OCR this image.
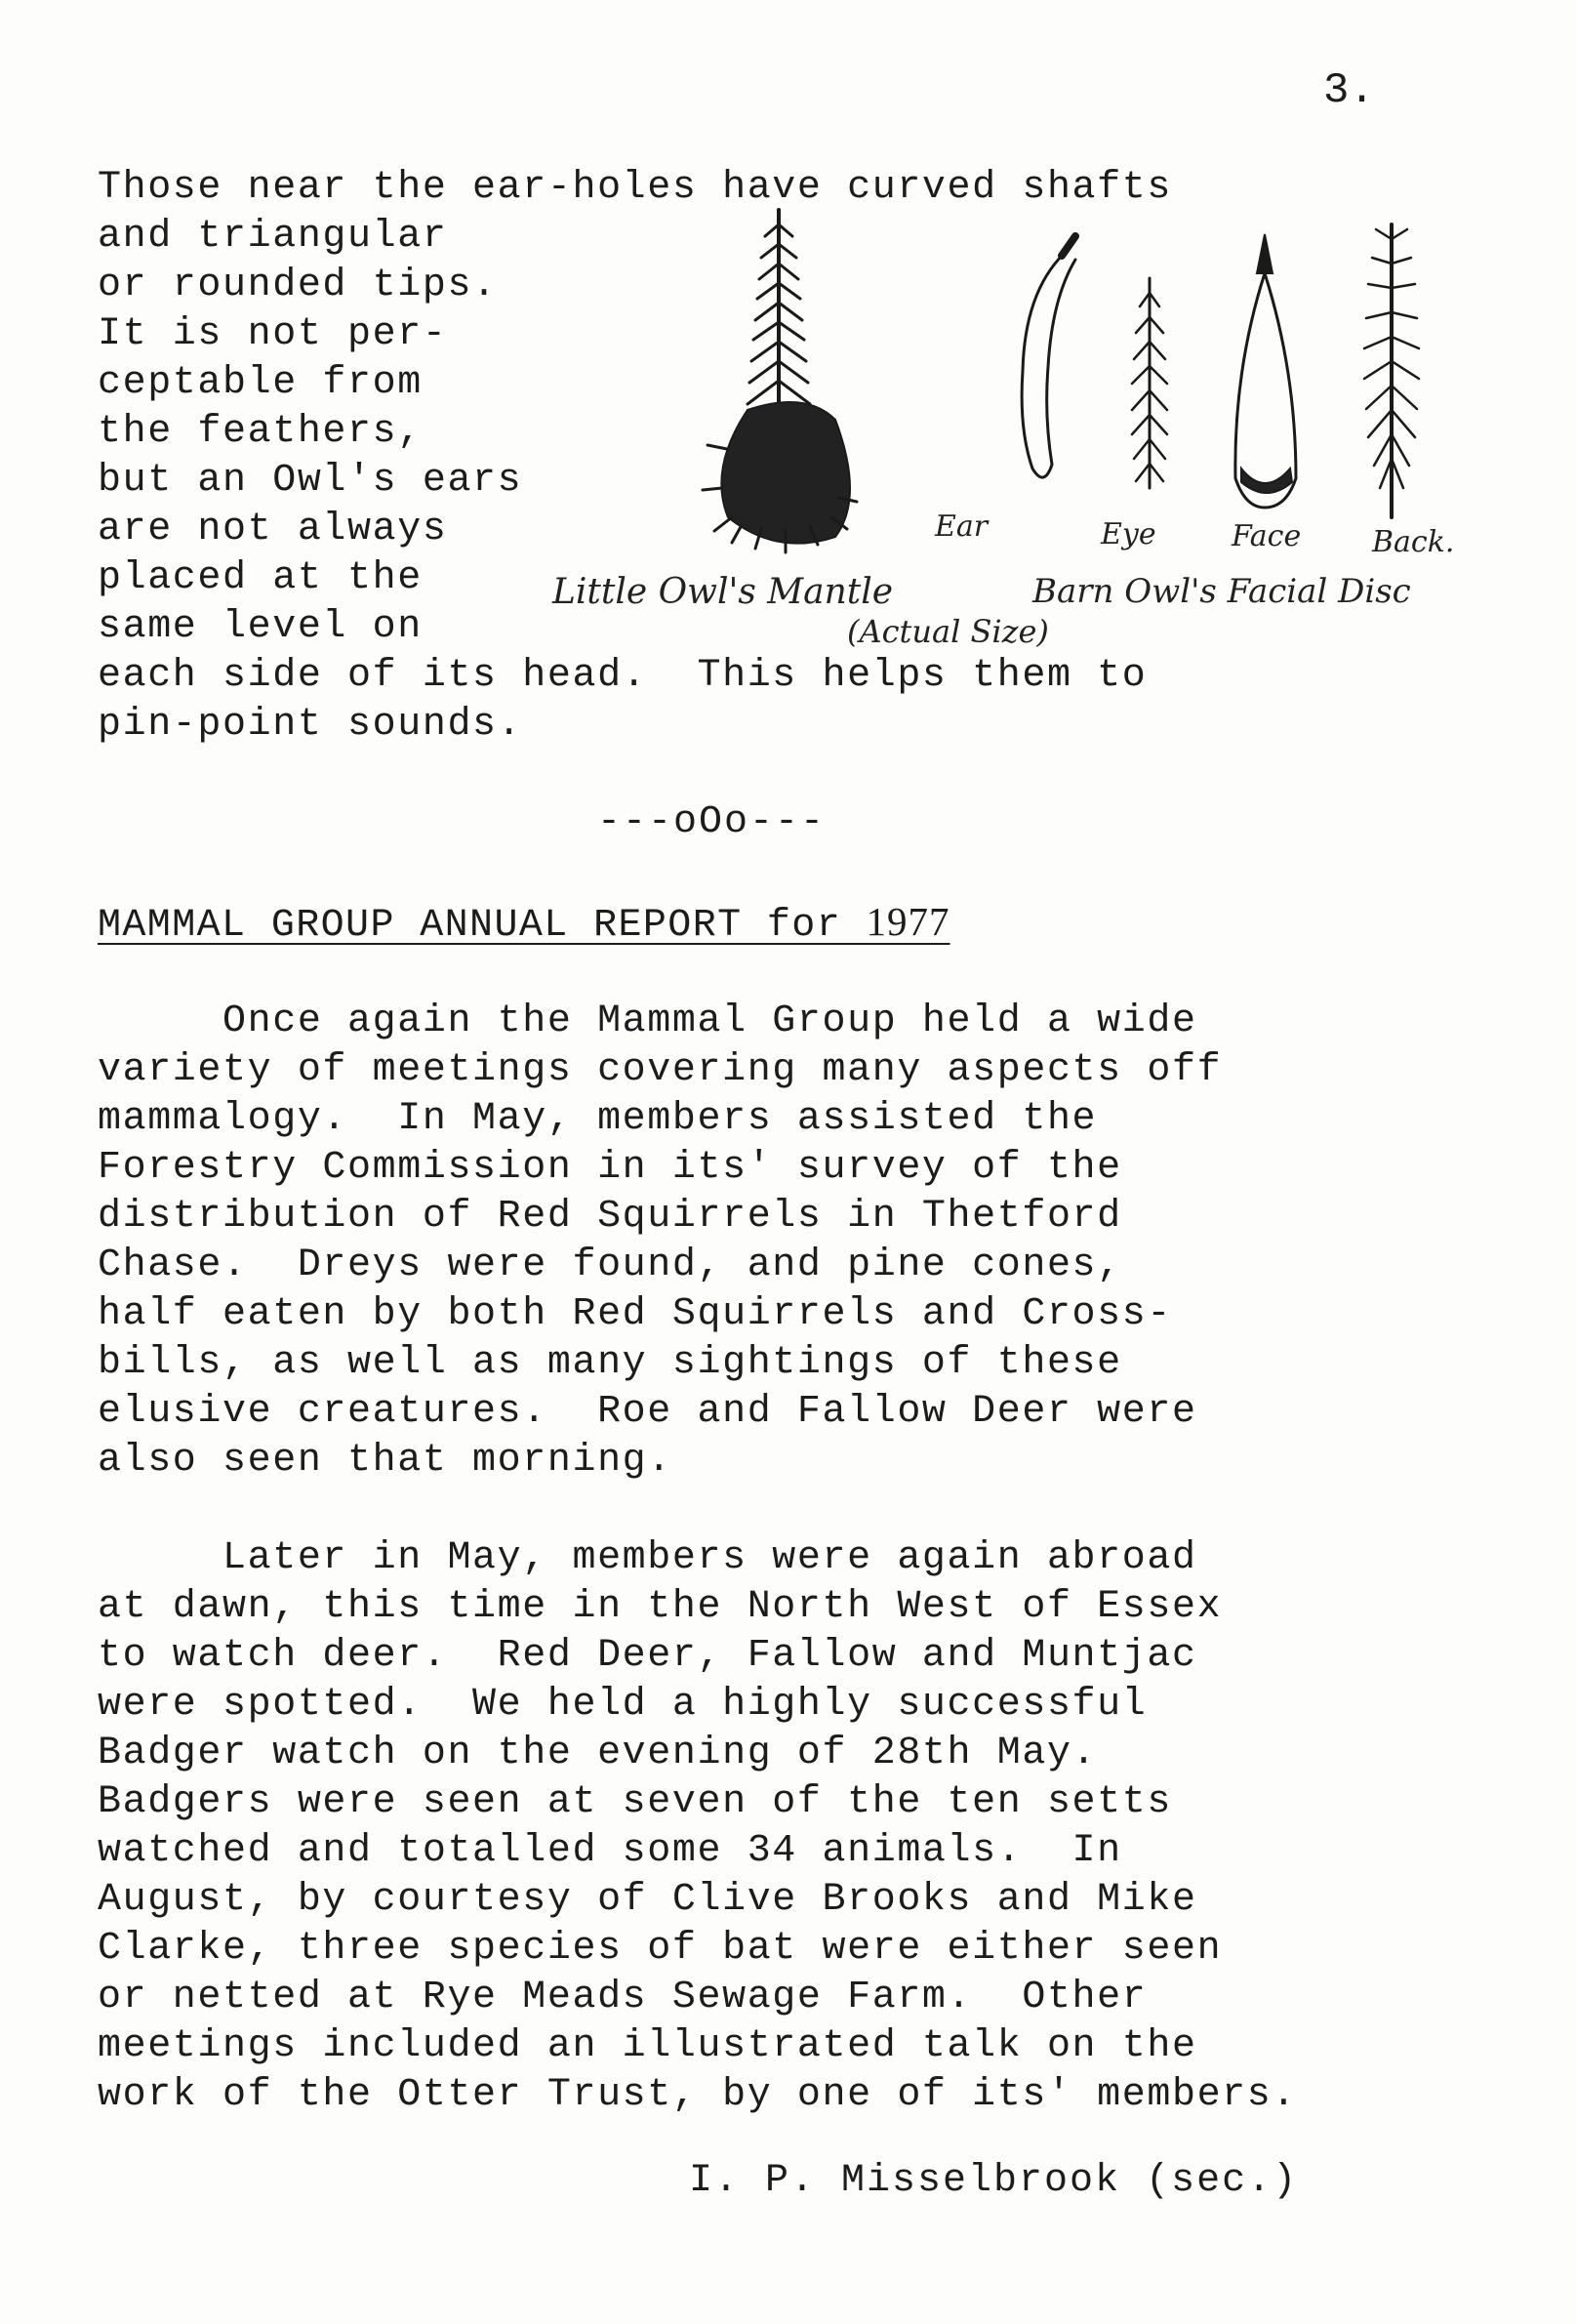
3.
Those near the ear-holes have curved shafts
and triangular
or rounded tips.
It is not per-
ceptable from
the feathers,
but an Owl's ears
are not always
placed at the
same level on
each side of its head.  This helps them to
pin-point sounds.
Ear	Eye	Face Back.
Little Owl's Mantle
(Actual Size)
Barn Owl's Facial Disc
---oOo---
MAMMAL GROUP ANNUAL REPORT for 1977
Once again the Mammal Group held a wide
variety of meetings covering many aspects off
mammalogy.  In May, members assisted the
Forestry Commission in its' survey of the
distribution of Red Squirrels in Thetford
Chase.  Dreys were found, and pine cones,
half eaten by both Red Squirrels and Cross-
bills, as well as many sightings of these
elusive creatures.  Roe and Fallow Deer were
also seen that morning.
Later in May, members were again abroad
at dawn, this time in the North West of Essex
to watch deer.  Red Deer, Fallow and Muntjac
were spotted.  We held a highly successful
Badger watch on the evening of 28th May.
Badgers were seen at seven of the ten setts
watched and totalled some 34 animals.  In
August, by courtesy of Clive Brooks and Mike
Clarke, three species of bat were either seen
or netted at Rye Meads Sewage Farm.  Other
meetings included an illustrated talk on the
work of the Otter Trust, by one of its' members.
I. P. Misselbrook (sec.)
